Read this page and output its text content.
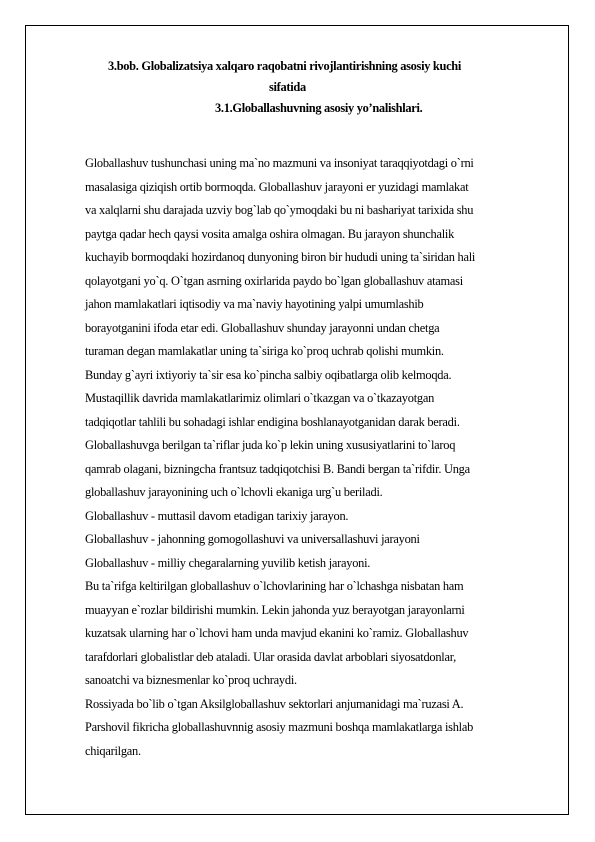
3.bob. Globalizatsiya xalqaro raqobatni rivojlantirishning asosiy kuchi
sifatida
3.1.Globallashuvning asosiy yo’nalishlari.
Globallashuv tushunchasi uning ma`no mazmuni va insoniyat taraqqiyotdagi o`rni
masalasiga qiziqish ortib bormoqda. Globallashuv jarayoni er yuzidagi mamlakat
va xalqlarni shu darajada uzviy bog`lab qo`ymoqdaki bu ni bashariyat tarixida shu
paytga qadar hech qaysi vosita amalga oshira olmagan. Bu jarayon shunchalik
kuchayib bormoqdaki hozirdanoq dunyoning biron bir hududi uning ta`siridan hali
qolayotgani yo`q. O`tgan asrning oxirlarida paydo bo`lgan globallashuv atamasi
jahon mamlakatlari iqtisodiy va ma`naviy hayotining yalpi umumlashib
borayotganini ifoda etar edi. Globallashuv shunday jarayonni undan chetga
turaman degan mamlakatlar uning ta`siriga ko`proq uchrab qolishi mumkin.
Bunday g`ayri ixtiyoriy ta`sir esa ko`pincha salbiy oqibatlarga olib kelmoqda.
Mustaqillik davrida mamlakatlarimiz olimlari o`tkazgan va o`tkazayotgan
tadqiqotlar tahlili bu sohadagi ishlar endigina boshlanayotganidan darak beradi.
Globallashuvga berilgan ta`riflar juda ko`p lekin uning xususiyatlarini to`laroq
qamrab olagani, bizningcha frantsuz tadqiqotchisi B. Bandi bergan ta`rifdir. Unga
globallashuv jarayonining uch o`lchovli ekaniga urg`u beriladi.
Globallashuv - muttasil davom etadigan tarixiy jarayon.
Globallashuv - jahonning gomogollashuvi va universallashuvi jarayoni
Globallashuv - milliy chegaralarning yuvilib ketish jarayoni.
Bu ta`rifga keltirilgan globallashuv o`lchovlarining har o`lchashga nisbatan ham
muayyan e`rozlar bildirishi mumkin. Lekin jahonda yuz berayotgan jarayonlarni
kuzatsak ularning har o`lchovi ham unda mavjud ekanini ko`ramiz. Globallashuv
tarafdorlari globalistlar deb ataladi. Ular orasida davlat arboblari siyosatdonlar,
sanoatchi va biznesmenlar ko`proq uchraydi.
Rossiyada bo`lib o`tgan Aksilgloballashuv sektorlari anjumanidagi ma`ruzasi A.
Parshovil fikricha globallashuvnnig asosiy mazmuni boshqa mamlakatlarga ishlab
chiqarilgan.
